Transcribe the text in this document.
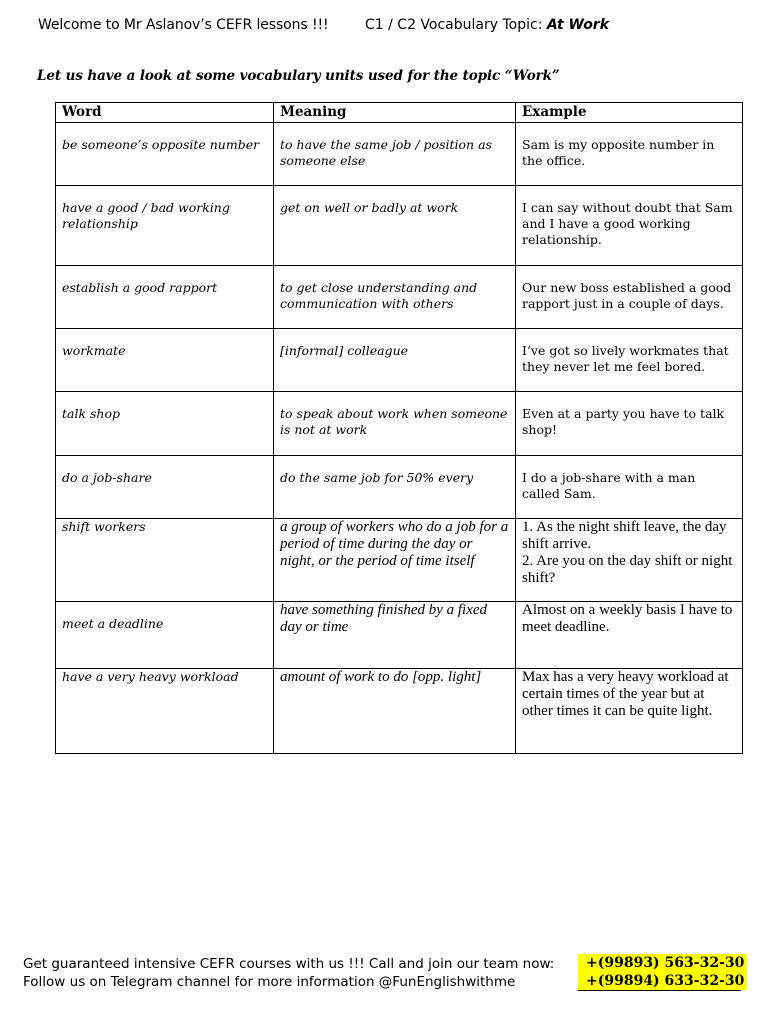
Welcome to Mr Aslanov’s CEFR lessons !!!	C1 / C2 Vocabulary Topic: At Work
Let us have a look at some vocabulary units used for the topic “Work”
Word	Meaning	Example

be someone’s opposite number	to have the same job / position as someone else	Sam is my opposite number in the office.

have a good / bad working relationship	get on well or badly at work	I can say without doubt that Sam and I have a good working relationship.

establish a good rapport	to get close understanding and communication with others	Our new boss established a good rapport just in a couple of days.

workmate	[informal] colleague	I’ve got so lively workmates that they never let me feel bored.

talk shop	to speak about work when someone is not at work	Even at a party you have to talk shop!

do a job-share	do the same job for 50% every	I do a job-share with a man called Sam.

shift workers	a group of workers who do a job for a period of time during the day or night, or the period of time itself	1. As the night shift leave, the day shift arrive.
2. Are you on the day shift or night shift?

meet a deadline	have something finished by a fixed day or time	Almost on a weekly basis I have to meet deadline.

have a very heavy workload	amount of work to do [opp. light]	Max has a very heavy workload at certain times of the year but at other times it can be quite light.
Get guaranteed intensive CEFR courses with us !!! Call and join our team now:
Follow us on Telegram channel for more information @FunEnglishwithme
+(99893) 563-32-30
+(99894) 633-32-30
